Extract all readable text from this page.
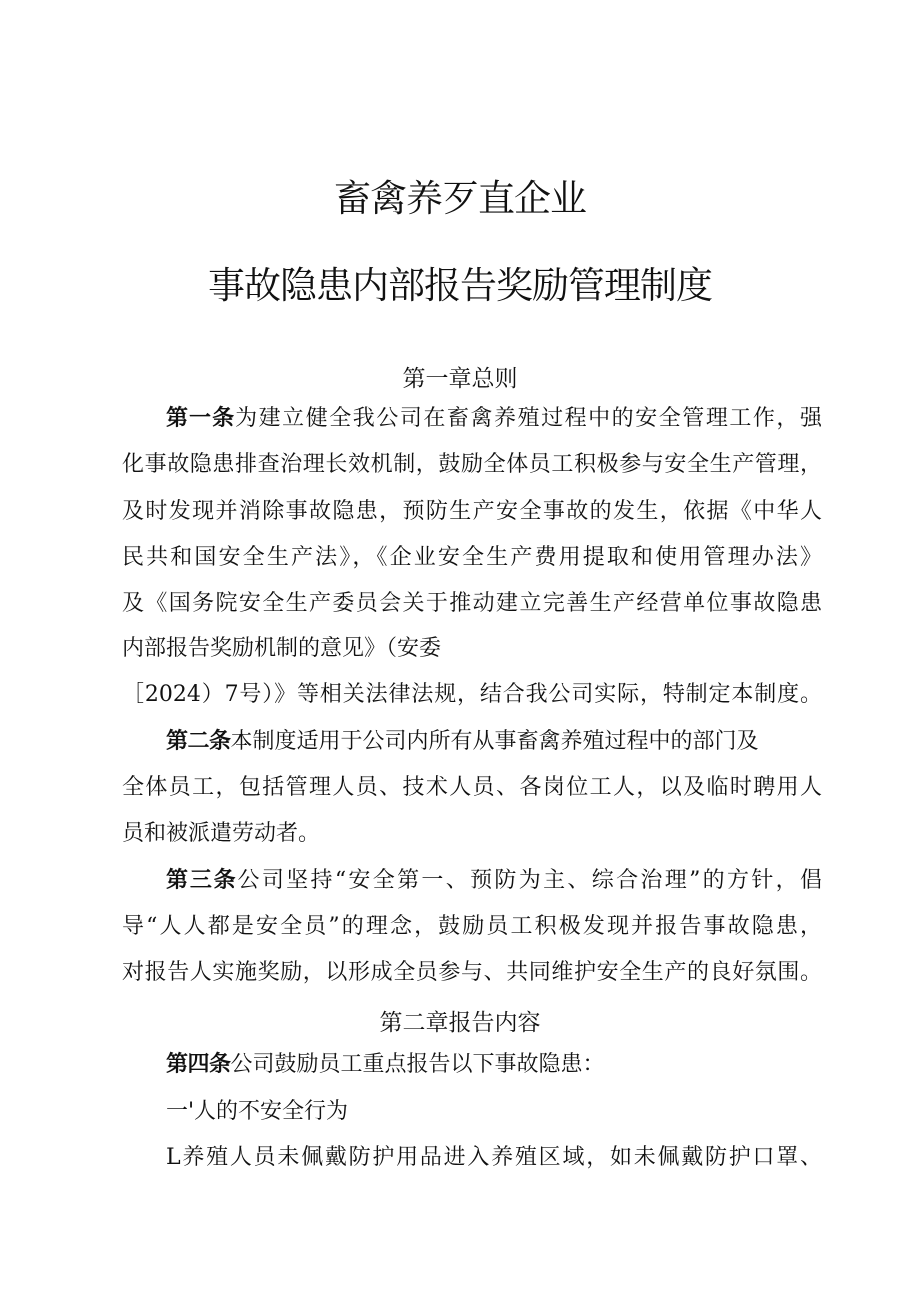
畜禽养歹直企业
事故隐患内部报告奖励管理制度
第一章总则
第一条为建立健全我公司在畜禽养殖过程中的安全管理工作，强
化事故隐患排查治理长效机制，鼓励全体员工积极参与安全生产管理，
及时发现并消除事故隐患，预防生产安全事故的发生，依据《中华人
民共和国安全生产法》，《企业安全生产费用提取和使用管理办法》
及《国务院安全生产委员会关于推动建立完善生产经营单位事故隐患
内部报告奖励机制的意见》（安委
［2024）7号）》等相关法律法规，结合我公司实际，特制定本制度。
第二条本制度适用于公司内所有从事畜禽养殖过程中的部门及
全体员工，包括管理人员、技术人员、各岗位工人，以及临时聘用人
员和被派遣劳动者。
第三条公司坚持“安全第一、预防为主、综合治理”的方针，倡
导“人人都是安全员”的理念，鼓励员工积极发现并报告事故隐患，
对报告人实施奖励，以形成全员参与、共同维护安全生产的良好氛围。
第二章报告内容
第四条公司鼓励员工重点报告以下事故隐患：
一'人的不安全行为
L养殖人员未佩戴防护用品进入养殖区域，如未佩戴防护口罩、
